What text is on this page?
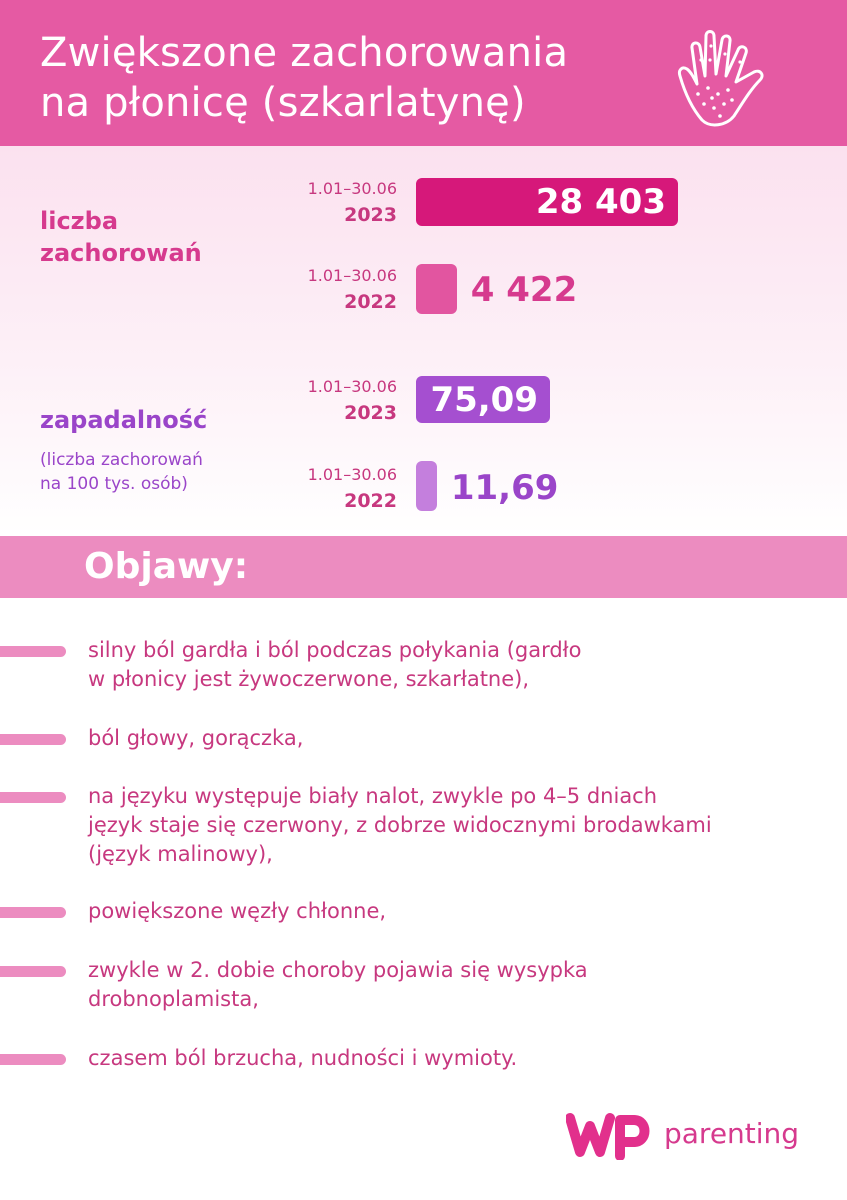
Zwiększone zachorowania
na płonicę (szkarlatynę)
liczba
zachorowań
zapadalność
(liczba zachorowań
na 100 tys. osób)
1.01–30.06
2023	28 403
1.01–30.06
2022 4 422
1.01–30.06
2023 75,09
1.01–30.06
2022 11,69
Objawy:
silny ból gardła i ból podczas połykania (gardło
w płonicy jest żywoczerwone, szkarłatne),
ból głowy, gorączka,
na języku występuje biały nalot, zwykle po 4–5 dniach
język staje się czerwony, z dobrze widocznymi brodawkami
(język malinowy),
powiększone węzły chłonne,
zwykle w 2. dobie choroby pojawia się wysypka
drobnoplamista,
czasem ból brzucha, nudności i wymioty.
parenting
